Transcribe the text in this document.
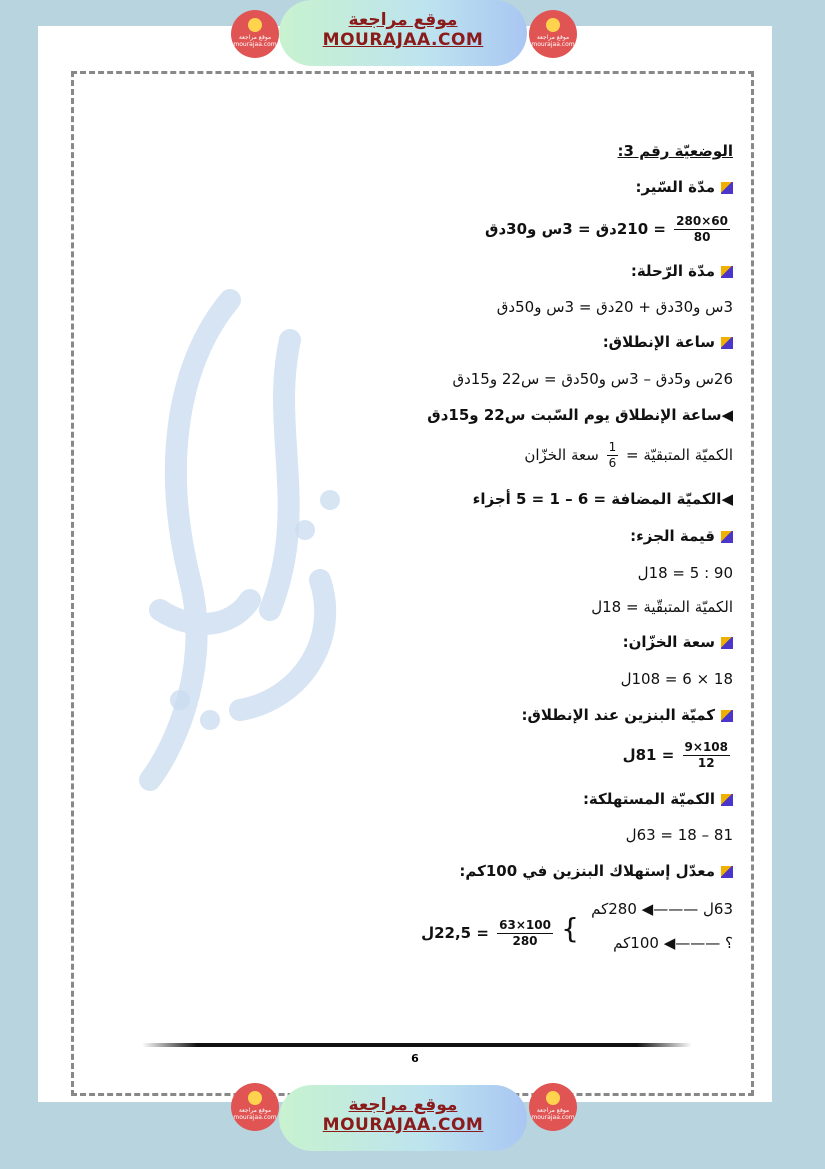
موقع مراجعة mourajaa.com
موقع مراجعة
MOURAJAA.COM	موقع مراجعة mourajaa.com
الوضعيّة رقم 3:
مدّة السّير:
$\frac{60\times 280}{80}$
= 210دق = 3س و30دق
مدّة الرّحلة:
3س و30دق + 20دق = 3س و50دق
ساعة الإنطلاق:
26س و5دق – 3س و50دق = س22 و15دق
◀ساعة الإنطلاق يوم السّبت س22 و15دق
الكميّة المتبقيّة =
$\frac{1}{6}$
سعة الخزّان
◀الكميّة المضافة = 6 – 1 = 5 أجزاء
قيمة الجزء:
90 : 5 = 18ل
الكميّة المتبقّية = 18ل
سعة الخزّان:
18 × 6 = 108ل
كميّة البنزين عند الإنطلاق:
$\frac{108\times 9}{12}$
= 81ل
الكميّة المستهلكة:
81 – 18 = 63ل
معدّل إستهلاك البنزين في 100كم:
63ل ———◀ 280كم
؟ ———◀ 100كم
}
$\frac{100\times 63}{280}$
= 22,5ل
6
موقع مراجعة mourajaa.com
موقع مراجعة
MOURAJAA.COM
موقع مراجعة mourajaa.com
